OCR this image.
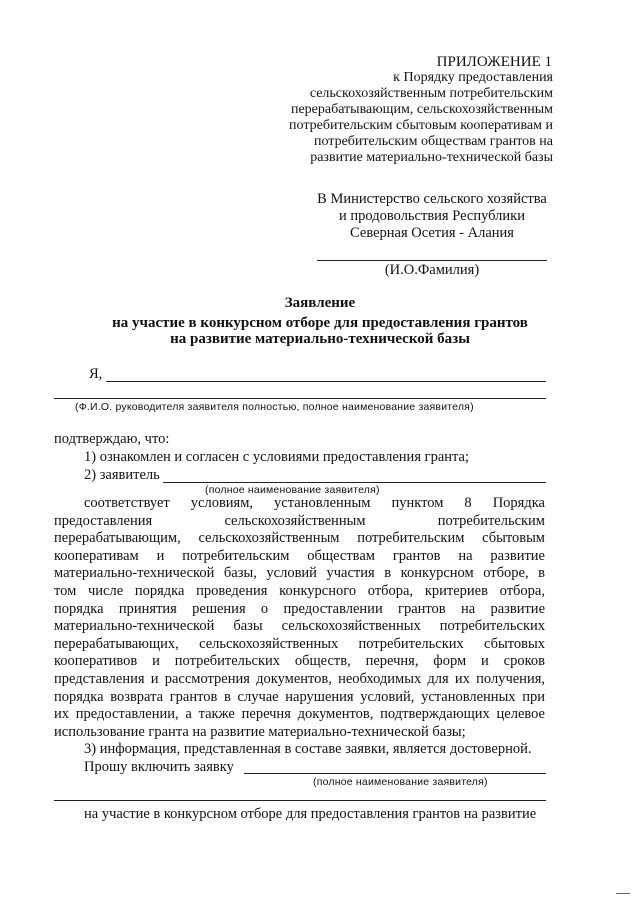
ПРИЛОЖЕНИЕ 1
к Порядку предоставления
сельскохозяйственным потребительским
перерабатывающим, сельскохозяйственным
потребительским сбытовым кооперативам и
потребительским обществам грантов на
развитие материально-технической базы
В Министерство сельского хозяйства
и продовольствия Республики
Северная Осетия - Алания
(И.О.Фамилия)
Заявление
на участие в конкурсном отборе для предоставления грантов
на развитие материально-технической базы
Я,
(Ф.И.О. руководителя заявителя полностью, полное наименование заявителя)
подтверждаю, что:
1) ознакомлен и согласен с условиями предоставления гранта;
2) заявитель
(полное наименование заявителя)
соответствует условиям, установленным пунктом 8 Порядка
предоставления сельскохозяйственным потребительским
перерабатывающим, сельскохозяйственным потребительским сбытовым
кооперативам и потребительским обществам грантов на развитие
материально-технической базы, условий участия в конкурсном отборе, в
том числе порядка проведения конкурсного отбора, критериев отбора,
порядка принятия решения о предоставлении грантов на развитие
материально-технической базы сельскохозяйственных потребительских
перерабатывающих, сельскохозяйственных потребительских сбытовых
кооперативов и потребительских обществ, перечня, форм и сроков
представления и рассмотрения документов, необходимых для их получения,
порядка возврата грантов в случае нарушения условий, установленных при
их предоставлении, а также перечня документов, подтверждающих целевое
использование гранта на развитие материально-технической базы;
3) информация, представленная в составе заявки, является достоверной.
Прошу включить заявку
(полное наименование заявителя)
на участие в конкурсном отборе для предоставления грантов на развитие
